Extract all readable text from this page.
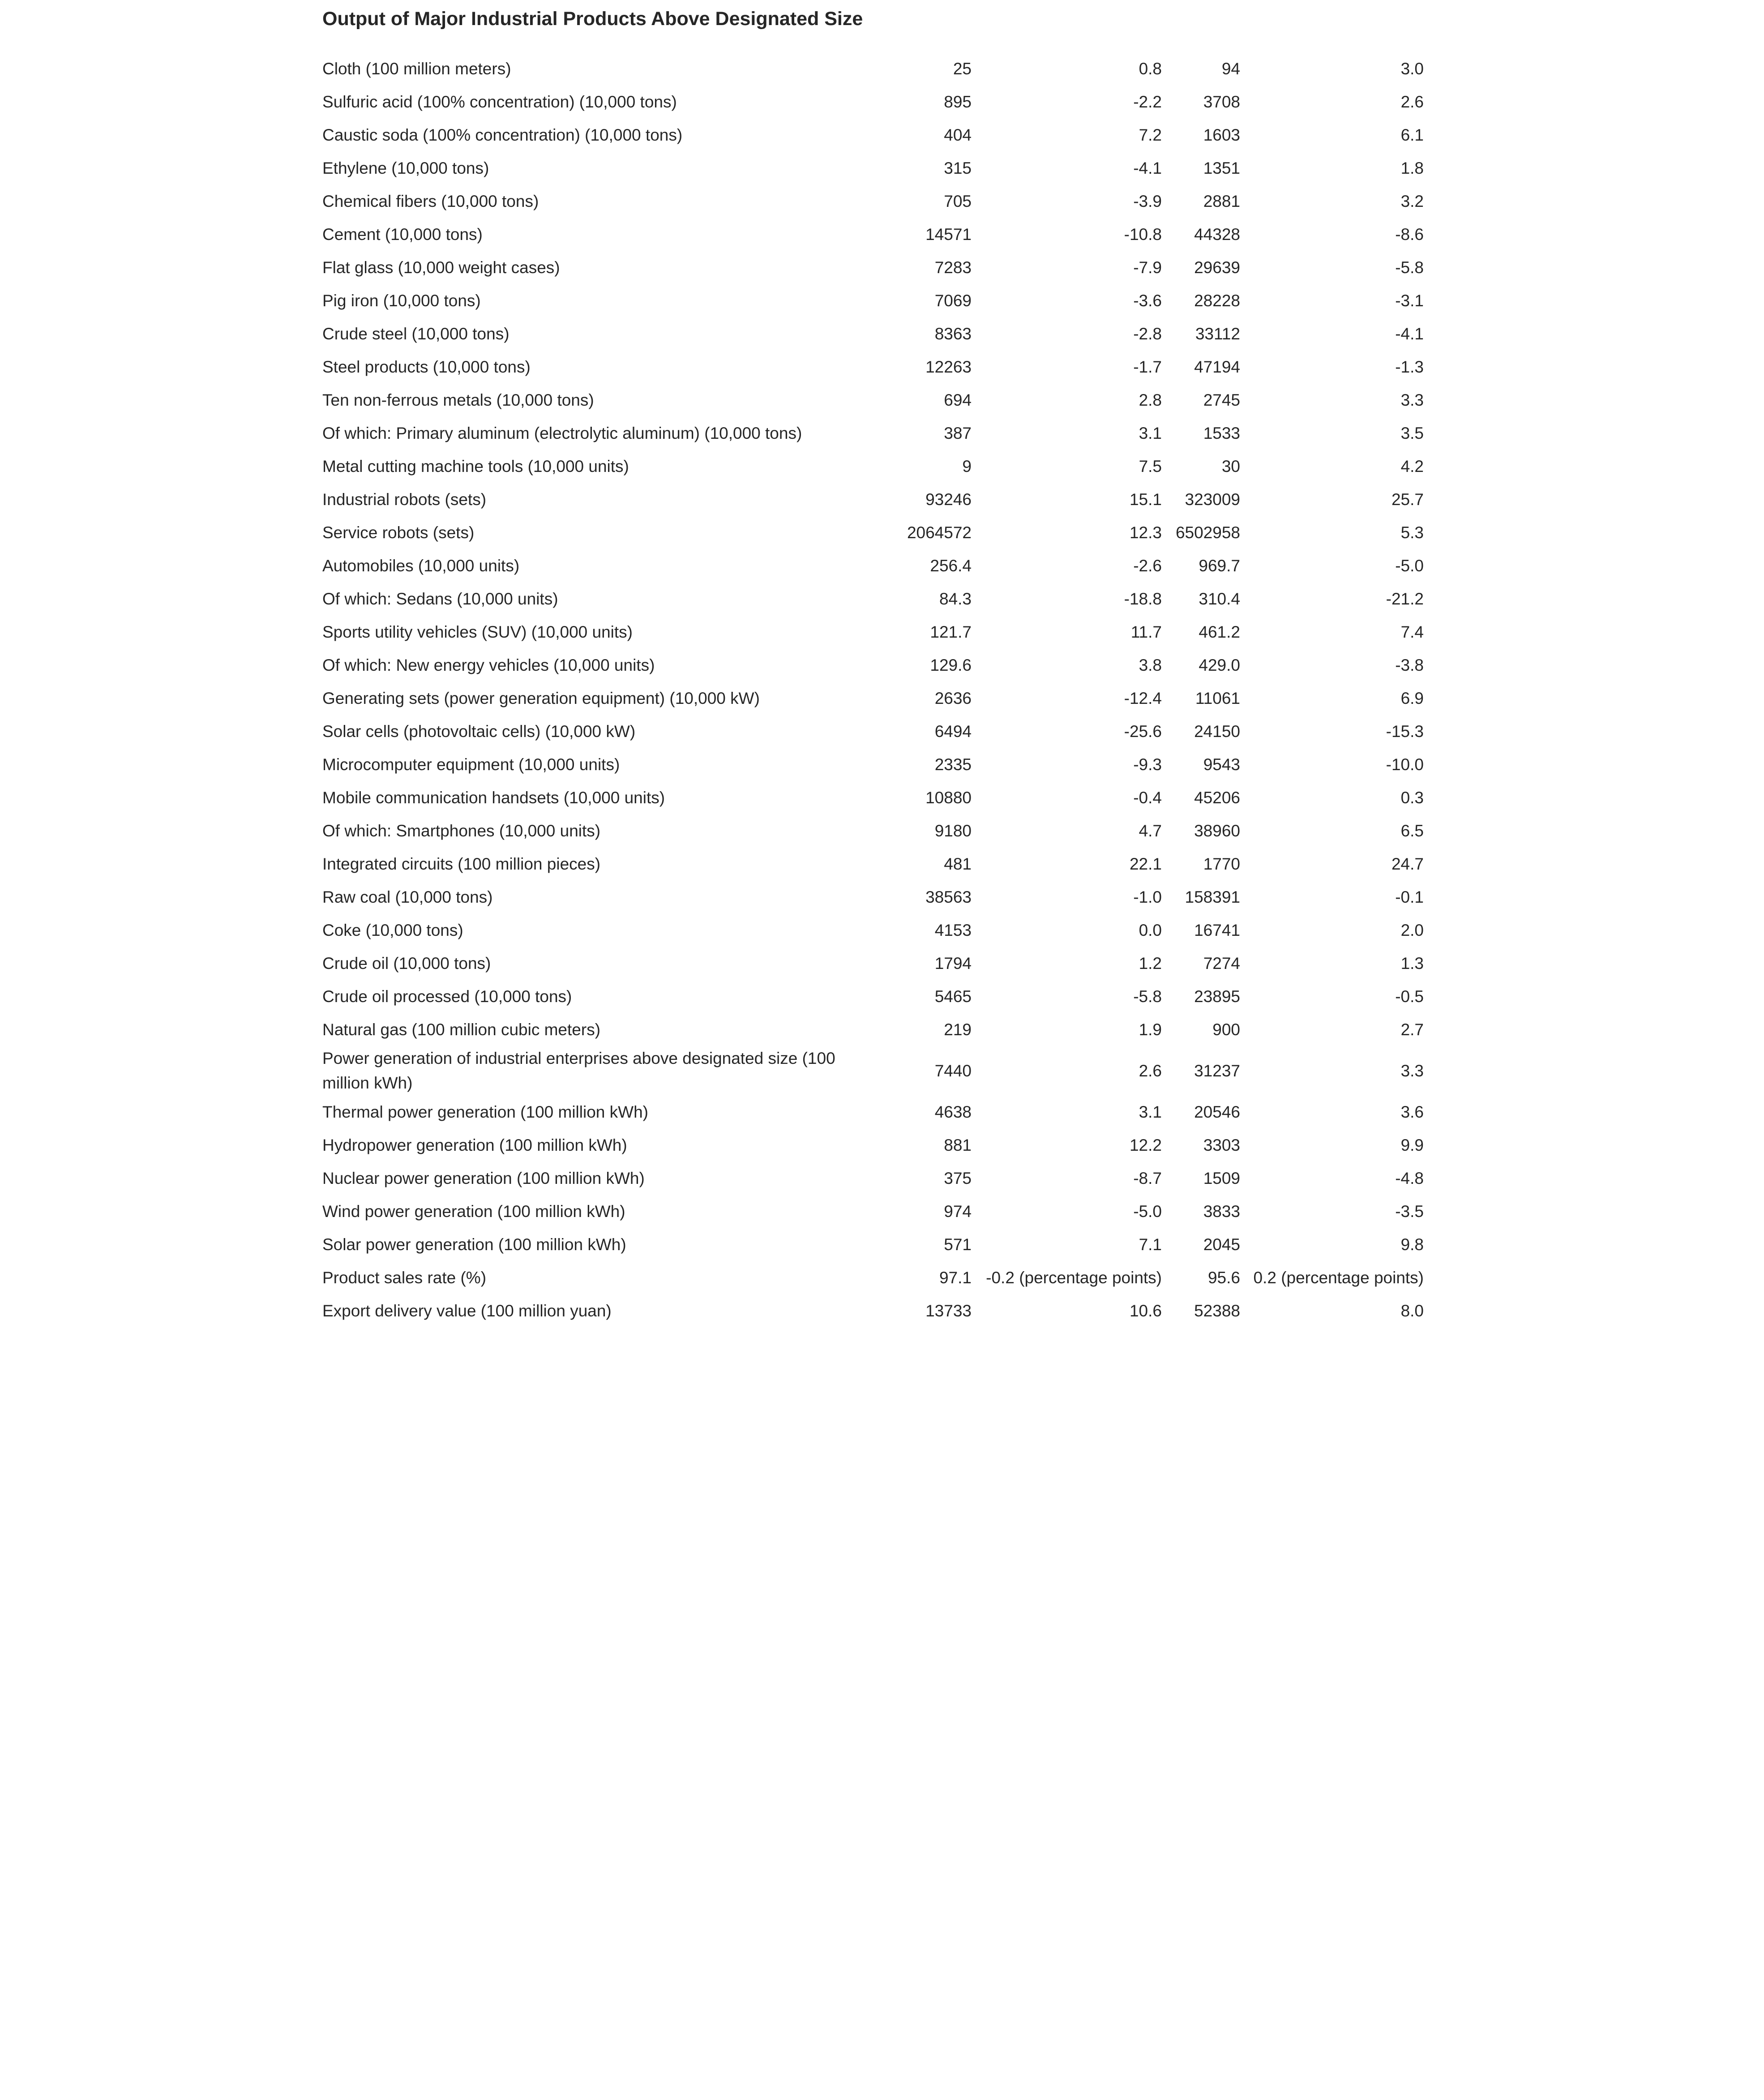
Output of Major Industrial Products Above Designated Size
Cloth (100 million meters)	25	0.8	94	3.0
Sulfuric acid (100% concentration) (10,000 tons)	895	-2.2	3708	2.6
Caustic soda (100% concentration) (10,000 tons)	404	7.2	1603	6.1
Ethylene (10,000 tons)	315	-4.1	1351	1.8
Chemical fibers (10,000 tons)	705	-3.9	2881	3.2
Cement (10,000 tons)	14571	-10.8	44328	-8.6
Flat glass (10,000 weight cases)	7283	-7.9	29639	-5.8
Pig iron (10,000 tons)	7069	-3.6	28228	-3.1
Crude steel (10,000 tons)	8363	-2.8	33112	-4.1
Steel products (10,000 tons)	12263	-1.7	47194	-1.3
Ten non-ferrous metals (10,000 tons)	694	2.8	2745	3.3
Of which: Primary aluminum (electrolytic aluminum) (10,000 tons)	387	3.1	1533	3.5
Metal cutting machine tools (10,000 units)	9	7.5	30	4.2
Industrial robots (sets)	93246	15.1	323009	25.7
Service robots (sets)	2064572	12.3	6502958	5.3
Automobiles (10,000 units)	256.4	-2.6	969.7	-5.0
Of which: Sedans (10,000 units)	84.3	-18.8	310.4	-21.2
Sports utility vehicles (SUV) (10,000 units)	121.7	11.7	461.2	7.4
Of which: New energy vehicles (10,000 units)	129.6	3.8	429.0	-3.8
Generating sets (power generation equipment) (10,000 kW)	2636	-12.4	11061	6.9
Solar cells (photovoltaic cells) (10,000 kW)	6494	-25.6	24150	-15.3
Microcomputer equipment (10,000 units)	2335	-9.3	9543	-10.0
Mobile communication handsets (10,000 units)	10880	-0.4	45206	0.3
Of which: Smartphones (10,000 units)	9180	4.7	38960	6.5
Integrated circuits (100 million pieces)	481	22.1	1770	24.7
Raw coal (10,000 tons)	38563	-1.0	158391	-0.1
Coke (10,000 tons)	4153	0.0	16741	2.0
Crude oil (10,000 tons)	1794	1.2	7274	1.3
Crude oil processed (10,000 tons)	5465	-5.8	23895	-0.5
Natural gas (100 million cubic meters)	219	1.9	900	2.7
Power generation of industrial enterprises above designated size (100 million kWh)	7440	2.6	31237	3.3
Thermal power generation (100 million kWh)	4638	3.1	20546	3.6
Hydropower generation (100 million kWh)	881	12.2	3303	9.9
Nuclear power generation (100 million kWh)	375	-8.7	1509	-4.8
Wind power generation (100 million kWh)	974	-5.0	3833	-3.5
Solar power generation (100 million kWh)	571	7.1	2045	9.8
Product sales rate (%)	97.1	-0.2 (percentage points)	95.6	0.2 (percentage points)
Export delivery value (100 million yuan)	13733	10.6	52388	8.0
